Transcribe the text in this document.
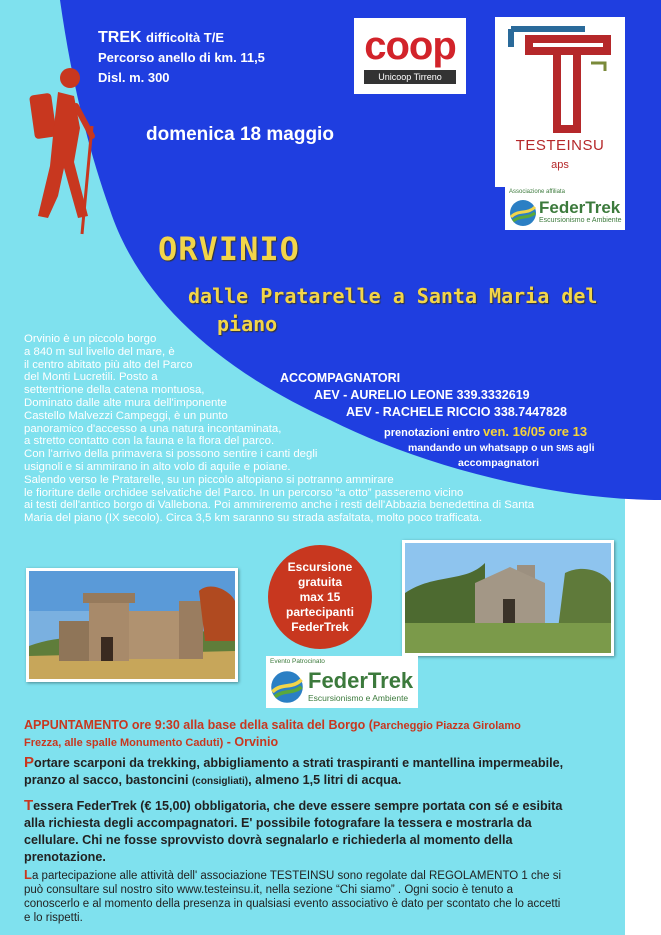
TREK difficoltà T/E
Percorso anello di km. 11,5
Disl. m. 300
domenica 18 maggio
coop
Unicoop Tirreno
TESTEINSU
aps
Associazione affiliata
FederTrek
Escursionismo e Ambiente
ORVINIO
dalle Pratarelle a Santa Maria del
piano
Orvinio è un piccolo borgo
a 840 m sul livello del mare, è
il centro abitato più alto del Parco
del Monti Lucretili. Posto a
settentrione della catena montuosa,
Dominato dalle alte mura dell'imponente
Castello Malvezzi Campeggi, è un punto
panoramico d'accesso a una natura incontaminata,
a stretto contatto con la fauna e la flora del parco.
Con l'arrivo della primavera si possono sentire i canti degli
usignoli e si ammirano in alto volo di aquile e poiane.
Salendo verso le Pratarelle, su un piccolo altopiano si potranno ammirare
le fioriture delle orchidee selvatiche del Parco. In un percorso “a otto” passeremo vicino
ai testi dell'antico borgo di Vallebona. Poi ammireremo anche i resti dell'Abbazia benedettina di Santa
Maria del piano (IX secolo). Circa 3,5 km saranno su strada asfaltata, molto poco trafficata.
ACCOMPAGNATORI
AEV - AURELIO LEONE 339.3332619
AEV - RACHELE RICCIO 338.7447828
prenotazioni entro ven. 16/05 ore 13
mandando un whatsapp o un SMS agli
accompagnatori
Escursione
gratuita
max 15
partecipanti
FederTrek
Evento Patrocinato
FederTrek
Escursionismo e Ambiente
APPUNTAMENTO ore 9:30 alla base della salita del Borgo (Parcheggio Piazza Girolamo
Frezza, alle spalle Monumento Caduti) - Orvinio
Portare scarponi da trekking, abbigliamento a strati traspiranti e mantellina impermeabile,
pranzo al sacco, bastoncini (consigliati), almeno 1,5 litri di acqua.
Tessera FederTrek (€ 15,00) obbligatoria, che deve essere sempre portata con sé e esibita
alla richiesta degli accompagnatori. E' possibile fotografare la tessera e mostrarla da
cellulare. Chi ne fosse sprovvisto dovrà segnalarlo e richiederla al momento della
prenotazione.
La partecipazione alle attività dell' associazione TESTEINSU sono regolate dal REGOLAMENTO 1 che si
può consultare sul nostro sito www.testeinsu.it, nella sezione “Chi siamo” . Ogni socio è tenuto a
conoscerlo e al momento della presenza in qualsiasi evento associativo è dato per scontato che lo accetti
e lo rispetti.
